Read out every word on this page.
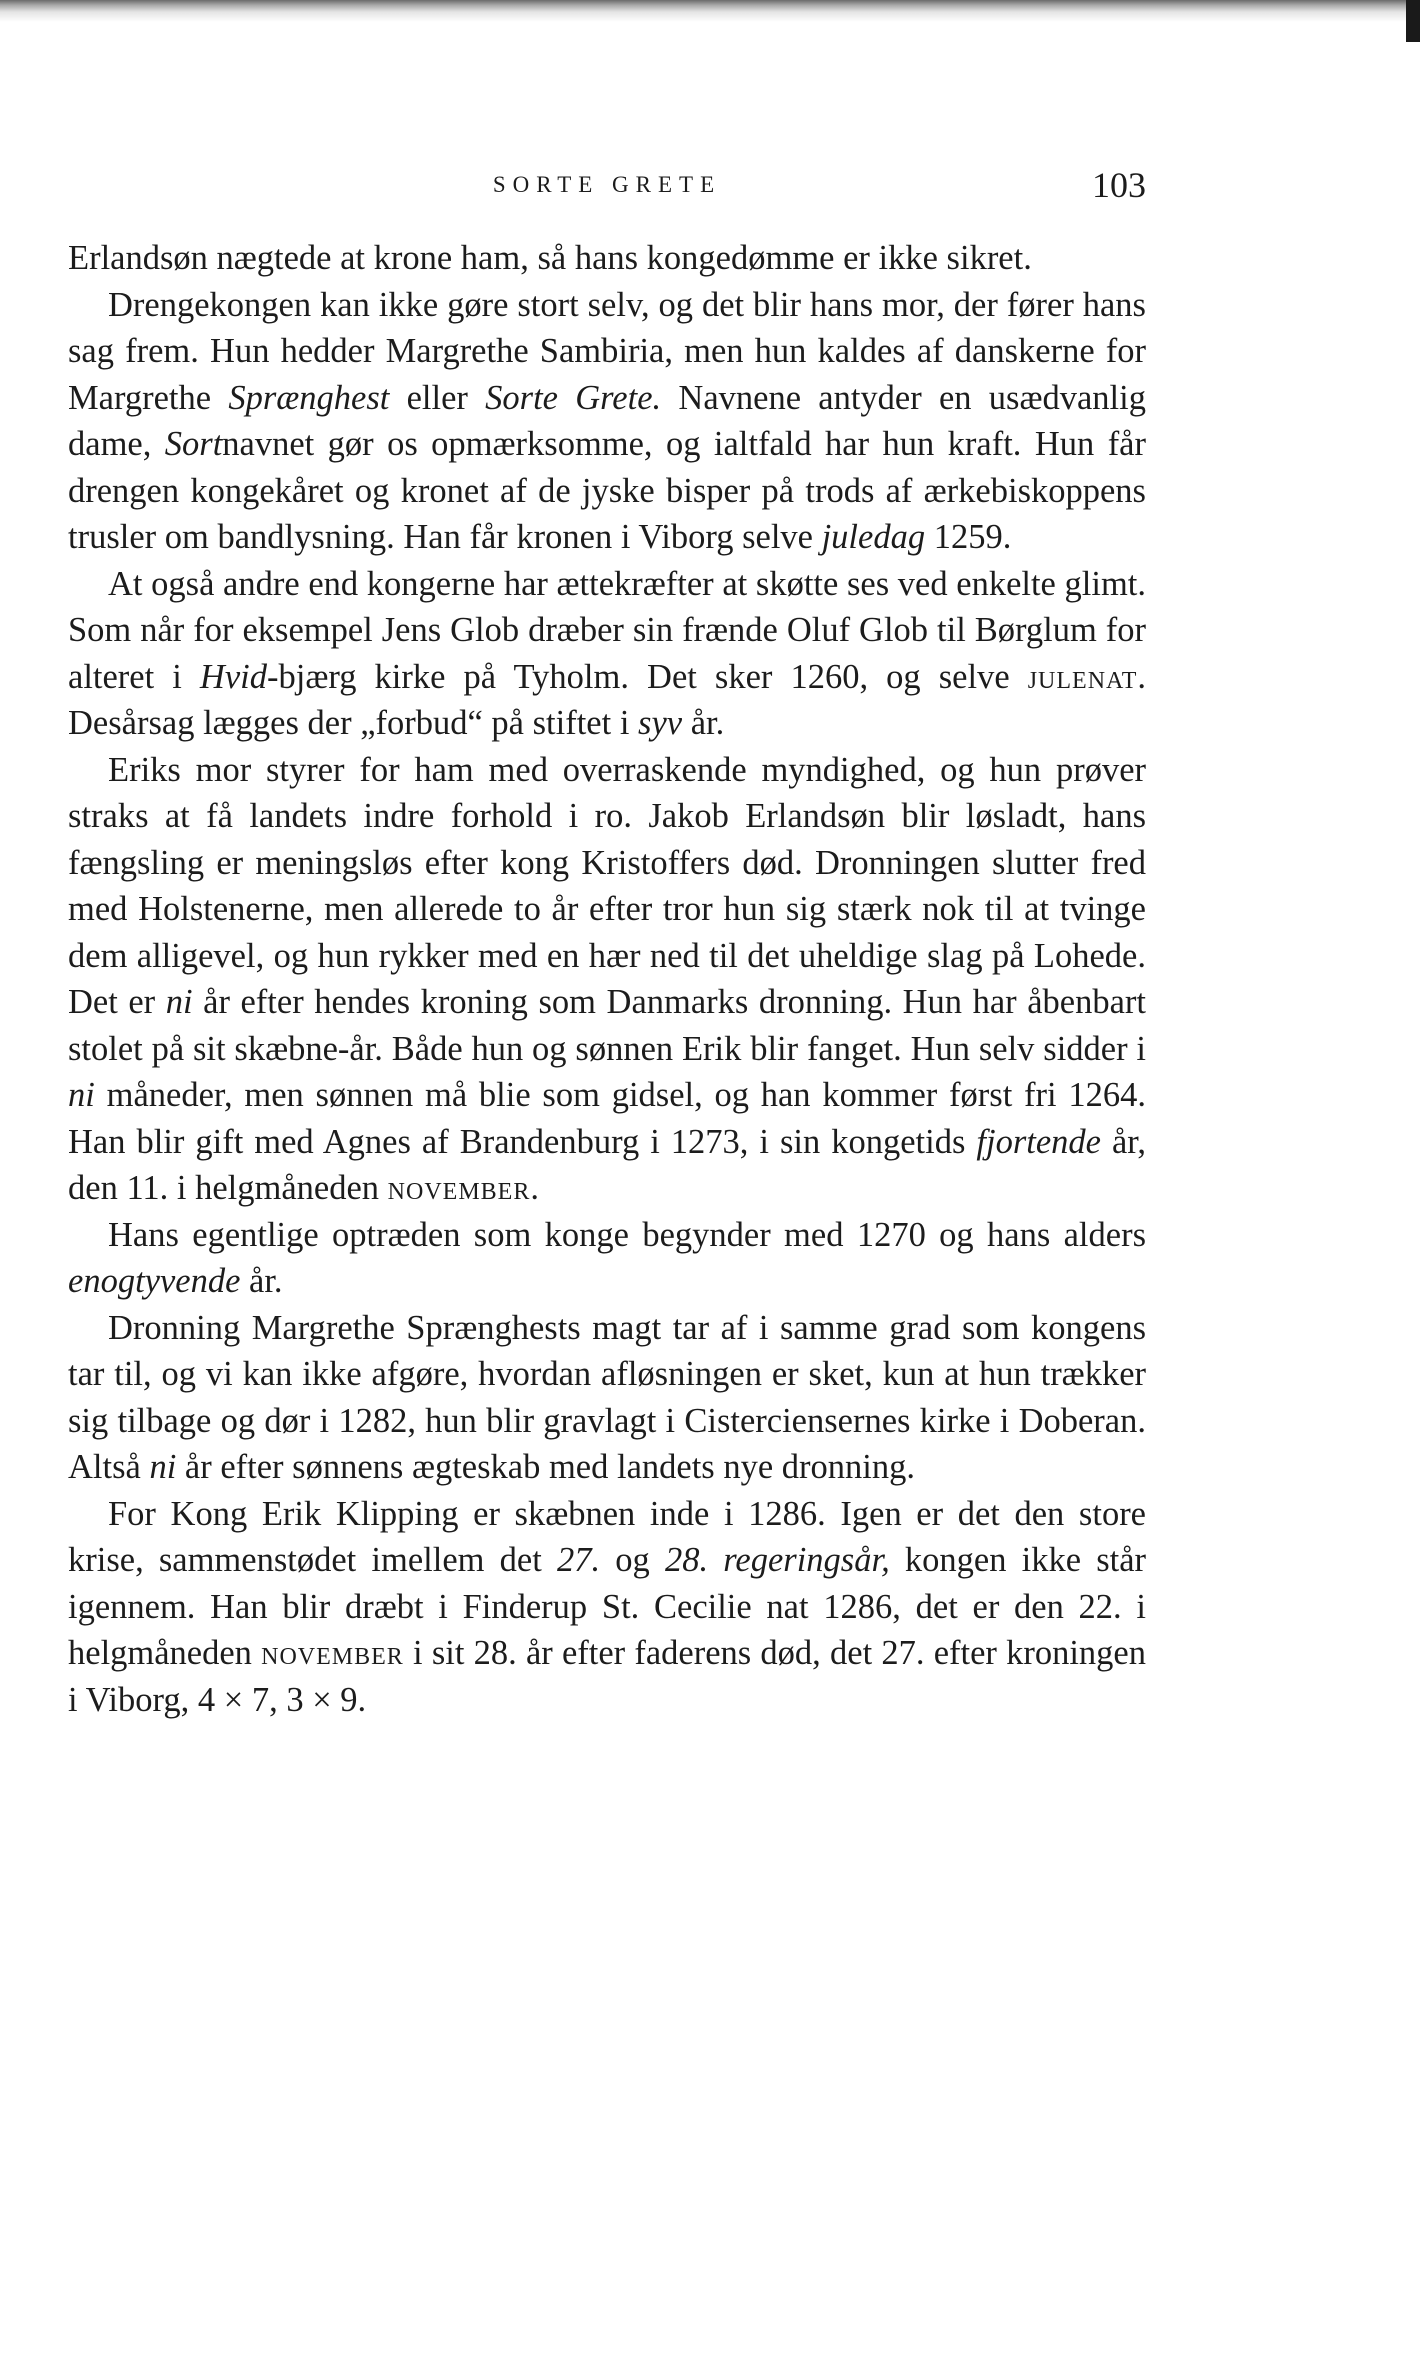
SORTE GRETE	103

Erlandsøn nægtede at krone ham, så hans kongedømme er ikke sikret.

Drengekongen kan ikke gøre stort selv, og det blir hans mor, der fører hans sag frem. Hun hedder Margrethe Sambiria, men hun kaldes af danskerne for Margrethe Sprænghest eller Sorte Grete. Navnene antyder en usædvanlig dame, Sortnavnet gør os opmærksomme, og ialtfald har hun kraft. Hun får drengen kongekåret og kronet af de jyske bisper på trods af ærkebiskoppens trusler om bandlysning. Han får kronen i Viborg selve juledag 1259.

At også andre end kongerne har ættekræfter at skøtte ses ved enkelte glimt. Som når for eksempel Jens Glob dræber sin frænde Oluf Glob til Børglum for alteret i Hvid-bjærg kirke på Tyholm. Det sker 1260, og selve julenat. Desårsag lægges der „forbud“ på stiftet i syv år.

Eriks mor styrer for ham med overraskende myndighed, og hun prøver straks at få landets indre forhold i ro. Jakob Erlandsøn blir løsladt, hans fængsling er meningsløs efter kong Kristoffers død. Dronningen slutter fred med Holstenerne, men allerede to år efter tror hun sig stærk nok til at tvinge dem alligevel, og hun rykker med en hær ned til det uheldige slag på Lohede. Det er ni år efter hendes kroning som Danmarks dronning. Hun har åbenbart stolet på sit skæbne-år. Både hun og sønnen Erik blir fanget. Hun selv sidder i ni måneder, men sønnen må blie som gidsel, og han kommer først fri 1264. Han blir gift med Agnes af Brandenburg i 1273, i sin kongetids fjortende år, den 11. i helgmåneden november.

Hans egentlige optræden som konge begynder med 1270 og hans alders enogtyvende år.

Dronning Margrethe Sprænghests magt tar af i samme grad som kongens tar til, og vi kan ikke afgøre, hvordan afløsningen er sket, kun at hun trækker sig tilbage og dør i 1282, hun blir gravlagt i Cisterciensernes kirke i Doberan. Altså ni år efter sønnens ægteskab med landets nye dronning.

For Kong Erik Klipping er skæbnen inde i 1286. Igen er det den store krise, sammenstødet imellem det 27. og 28. regeringsår, kongen ikke står igennem. Han blir dræbt i Finderup St. Cecilie nat 1286, det er den 22. i helgmåneden november i sit 28. år efter faderens død, det 27. efter kroningen i Viborg, 4 × 7, 3 × 9.
